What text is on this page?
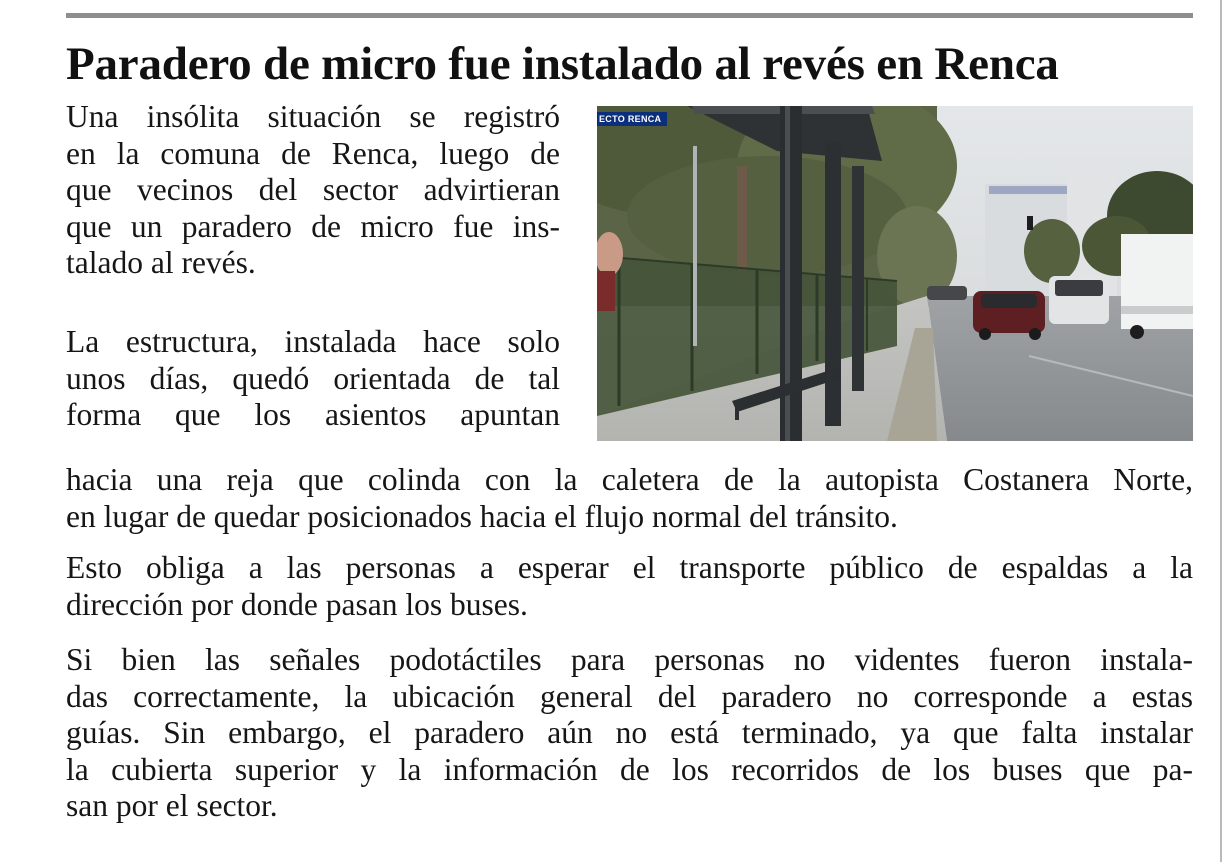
Paradero de micro fue instalado al revés en Renca

Una insólita situación se registró
en la comuna de Renca, luego de
que vecinos del sector advirtieran
que un paradero de micro fue ins-
talado al revés.

La estructura, instalada hace solo
unos días, quedó orientada de tal
forma que los asientos apuntan

hacia una reja que colinda con la caletera de la autopista Costanera Norte,
en lugar de quedar posicionados hacia el flujo normal del tránsito.

Esto obliga a las personas a esperar el transporte público de espaldas a la
dirección por donde pasan los buses.

Si bien las señales podotáctiles para personas no videntes fueron instala-
das correctamente, la ubicación general del paradero no corresponde a estas
guías. Sin embargo, el paradero aún no está terminado, ya que falta instalar
la cubierta superior y la información de los recorridos de los buses que pa-
san por el sector.

ECTO RENCA
